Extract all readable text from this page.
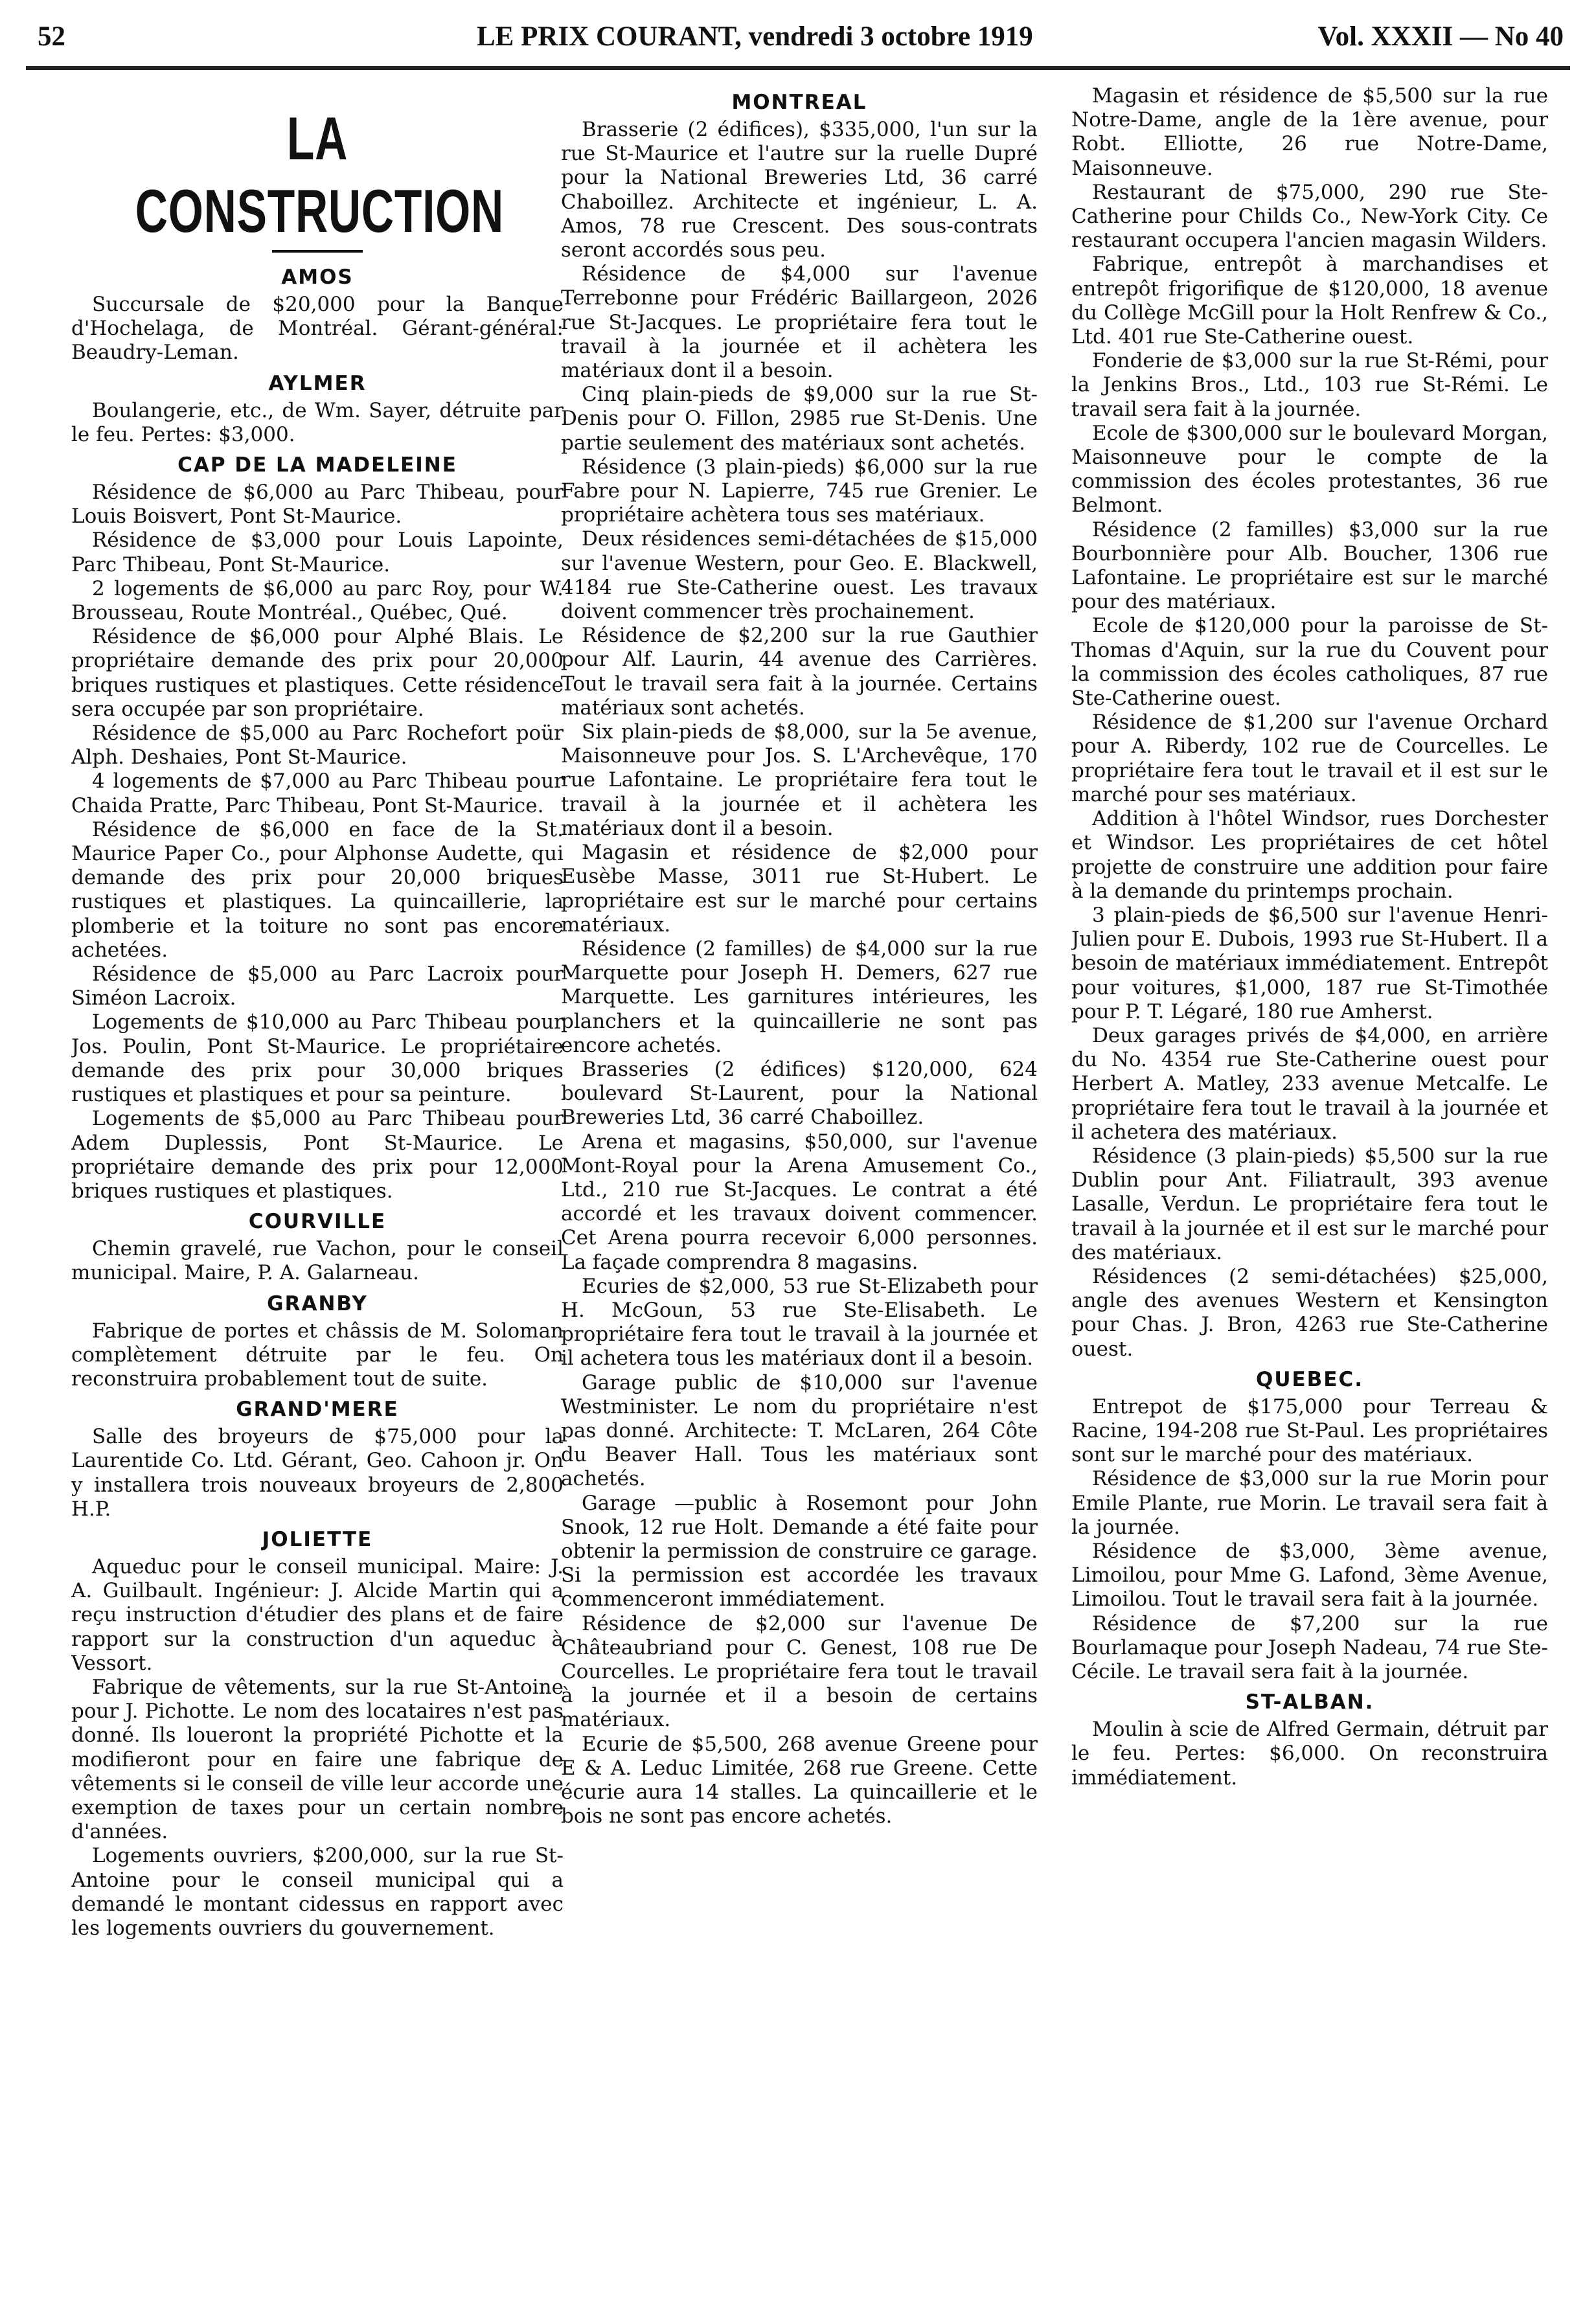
52	LE PRIX COURANT, vendredi 3 octobre 1919	Vol. XXXII — No 40
LA CONSTRUCTION
AMOS

Succursale de $20,000 pour la Banque d'Hochelaga, de Montréal. Gérant-général: Beaudry-Leman.

AYLMER

Boulangerie, etc., de Wm. Sayer, détruite par le feu. Pertes: $3,000.

CAP DE LA MADELEINE

Résidence de $6,000 au Parc Thibeau, pour Louis Boisvert, Pont St-Maurice.

Résidence de $3,000 pour Louis Lapointe, Parc Thibeau, Pont St-Maurice.

2 logements de $6,000 au parc Roy, pour W. Brousseau, Route Montréal., Québec, Qué.

Résidence de $6,000 pour Alphé Blais. Le propriétaire demande des prix pour 20,000 briques rustiques et plastiques. Cette résidence sera occupée par son propriétaire.

Résidence de $5,000 au Parc Rochefort poür Alph. Deshaies, Pont St-Maurice.

4 logements de $7,000 au Parc Thibeau pour Chaida Pratte, Parc Thibeau, Pont St-Maurice.

Résidence de $6,000 en face de la St. Maurice Paper Co., pour Alphonse Audette, qui demande des prix pour 20,000 briques rustiques et plastiques. La quincaillerie, la plomberie et la toiture no sont pas encore achetées.

Résidence de $5,000 au Parc Lacroix pour Siméon Lacroix.

Logements de $10,000 au Parc Thibeau pour Jos. Poulin, Pont St-Maurice. Le propriétaire demande des prix pour 30,000 briques rustiques et plastiques et pour sa peinture.

Logements de $5,000 au Parc Thibeau pour Adem Duplessis, Pont St-Maurice. Le propriétaire demande des prix pour 12,000 briques rustiques et plastiques.

COURVILLE

Chemin gravelé, rue Vachon, pour le conseil municipal. Maire, P. A. Galarneau.

GRANBY

Fabrique de portes et châssis de M. Soloman complètement détruite par le feu. On reconstruira probablement tout de suite.

GRAND'MERE

Salle des broyeurs de $75,000 pour la Laurentide Co. Ltd. Gérant, Geo. Cahoon jr. On y installera trois nouveaux broyeurs de 2,800 H.P.

JOLIETTE

Aqueduc pour le conseil municipal. Maire: J. A. Guilbault. Ingénieur: J. Alcide Martin qui a reçu instruction d'étudier des plans et de faire rapport sur la construction d'un aqueduc à Vessort.

Fabrique de vêtements, sur la rue St-Antoine pour J. Pichotte. Le nom des locataires n'est pas donné. Ils loueront la propriété Pichotte et la modifieront pour en faire une fabrique de vêtements si le conseil de ville leur accorde une exemption de taxes pour un certain nombre d'années.

Logements ouvriers, $200,000, sur la rue St-Antoine pour le conseil municipal qui a demandé le montant cidessus en rapport avec les logements ouvriers du gouvernement.

MONTREAL

Brasserie (2 édifices), $335,000, l'un sur la rue St-Maurice et l'autre sur la ruelle Dupré pour la National Breweries Ltd, 36 carré Chaboillez. Architecte et ingénieur, L. A. Amos, 78 rue Crescent. Des sous-contrats seront accordés sous peu.

Résidence de $4,000 sur l'avenue Terrebonne pour Frédéric Baillargeon, 2026 rue St-Jacques. Le propriétaire fera tout le travail à la journée et il achètera les matériaux dont il a besoin.

Cinq plain-pieds de $9,000 sur la rue St-Denis pour O. Fillon, 2985 rue St-Denis. Une partie seulement des matériaux sont achetés.

Résidence (3 plain-pieds) $6,000 sur la rue Fabre pour N. Lapierre, 745 rue Grenier. Le propriétaire achètera tous ses matériaux.

Deux résidences semi-détachées de $15,000 sur l'avenue Western, pour Geo. E. Blackwell, 4184 rue Ste-Catherine ouest. Les travaux doivent commencer très prochainement.

Résidence de $2,200 sur la rue Gauthier pour Alf. Laurin, 44 avenue des Carrières. Tout le travail sera fait à la journée. Certains matériaux sont achetés.

Six plain-pieds de $8,000, sur la 5e avenue, Maisonneuve pour Jos. S. L'Archevêque, 170 rue Lafontaine. Le propriétaire fera tout le travail à la journée et il achètera les matériaux dont il a besoin.

Magasin et résidence de $2,000 pour Eusèbe Masse, 3011 rue St-Hubert. Le propriétaire est sur le marché pour certains matériaux.

Résidence (2 familles) de $4,000 sur la rue Marquette pour Joseph H. Demers, 627 rue Marquette. Les garnitures intérieures, les planchers et la quincaillerie ne sont pas encore achetés.

Brasseries (2 édifices) $120,000, 624 boulevard St-Laurent, pour la National Breweries Ltd, 36 carré Chaboillez.

Arena et magasins, $50,000, sur l'avenue Mont-Royal pour la Arena Amusement Co., Ltd., 210 rue St-Jacques. Le contrat a été accordé et les travaux doivent commencer. Cet Arena pourra recevoir 6,000 personnes. La façade comprendra 8 magasins.

Ecuries de $2,000, 53 rue St-Elizabeth pour H. McGoun, 53 rue Ste-Elisabeth. Le propriétaire fera tout le travail à la journée et il achetera tous les matériaux dont il a besoin.

Garage public de $10,000 sur l'avenue Westminister. Le nom du propriétaire n'est pas donné. Architecte: T. McLaren, 264 Côte du Beaver Hall. Tous les matériaux sont achetés.

Garage —public à Rosemont pour John Snook, 12 rue Holt. Demande a été faite pour obtenir la permission de construire ce garage. Si la permission est accordée les travaux commenceront immédiatement.

Résidence de $2,000 sur l'avenue De Châteaubriand pour C. Genest, 108 rue De Courcelles. Le propriétaire fera tout le travail à la journée et il a besoin de certains matériaux.

Ecurie de $5,500, 268 avenue Greene pour E & A. Leduc Limitée, 268 rue Greene. Cette écurie aura 14 stalles. La quincaillerie et le bois ne sont pas encore achetés.

Magasin et résidence de $5,500 sur la rue Notre-Dame, angle de la 1ère avenue, pour Robt. Elliotte, 26 rue Notre-Dame, Maisonneuve.

Restaurant de $75,000, 290 rue Ste-Catherine pour Childs Co., New-York City. Ce restaurant occupera l'ancien magasin Wilders.

Fabrique, entrepôt à marchandises et entrepôt frigorifique de $120,000, 18 avenue du Collège McGill pour la Holt Renfrew & Co., Ltd. 401 rue Ste-Catherine ouest.

Fonderie de $3,000 sur la rue St-Rémi, pour la Jenkins Bros., Ltd., 103 rue St-Rémi. Le travail sera fait à la journée.

Ecole de $300,000 sur le boulevard Morgan, Maisonneuve pour le compte de la commission des écoles protestantes, 36 rue Belmont.

Résidence (2 familles) $3,000 sur la rue Bourbonnière pour Alb. Boucher, 1306 rue Lafontaine. Le propriétaire est sur le marché pour des matériaux.

Ecole de $120,000 pour la paroisse de St-Thomas d'Aquin, sur la rue du Couvent pour la commission des écoles catholiques, 87 rue Ste-Catherine ouest.

Résidence de $1,200 sur l'avenue Orchard pour A. Riberdy, 102 rue de Courcelles. Le propriétaire fera tout le travail et il est sur le marché pour ses matériaux.

Addition à l'hôtel Windsor, rues Dorchester et Windsor. Les propriétaires de cet hôtel projette de construire une addition pour faire à la demande du printemps prochain.

3 plain-pieds de $6,500 sur l'avenue Henri-Julien pour E. Dubois, 1993 rue St-Hubert. Il a besoin de matériaux immédiatement. Entrepôt pour voitures, $1,000, 187 rue St-Timothée pour P. T. Légaré, 180 rue Amherst.

Deux garages privés de $4,000, en arrière du No. 4354 rue Ste-Catherine ouest pour Herbert A. Matley, 233 avenue Metcalfe. Le propriétaire fera tout le travail à la journée et il achetera des matériaux.

Résidence (3 plain-pieds) $5,500 sur la rue Dublin pour Ant. Filiatrault, 393 avenue Lasalle, Verdun. Le propriétaire fera tout le travail à la journée et il est sur le marché pour des matériaux.

Résidences (2 semi-détachées) $25,000, angle des avenues Western et Kensington pour Chas. J. Bron, 4263 rue Ste-Catherine ouest.

QUEBEC.

Entrepot de $175,000 pour Terreau & Racine, 194-208 rue St-Paul. Les propriétaires sont sur le marché pour des matériaux.

Résidence de $3,000 sur la rue Morin pour Emile Plante, rue Morin. Le travail sera fait à la journée.

Résidence de $3,000, 3ème avenue, Limoilou, pour Mme G. Lafond, 3ème Avenue, Limoilou. Tout le travail sera fait à la journée.

Résidence de $7,200 sur la rue Bourlamaque pour Joseph Nadeau, 74 rue Ste-Cécile. Le travail sera fait à la journée.

ST-ALBAN.

Moulin à scie de Alfred Germain, détruit par le feu. Pertes: $6,000. On reconstruira immédiatement.
